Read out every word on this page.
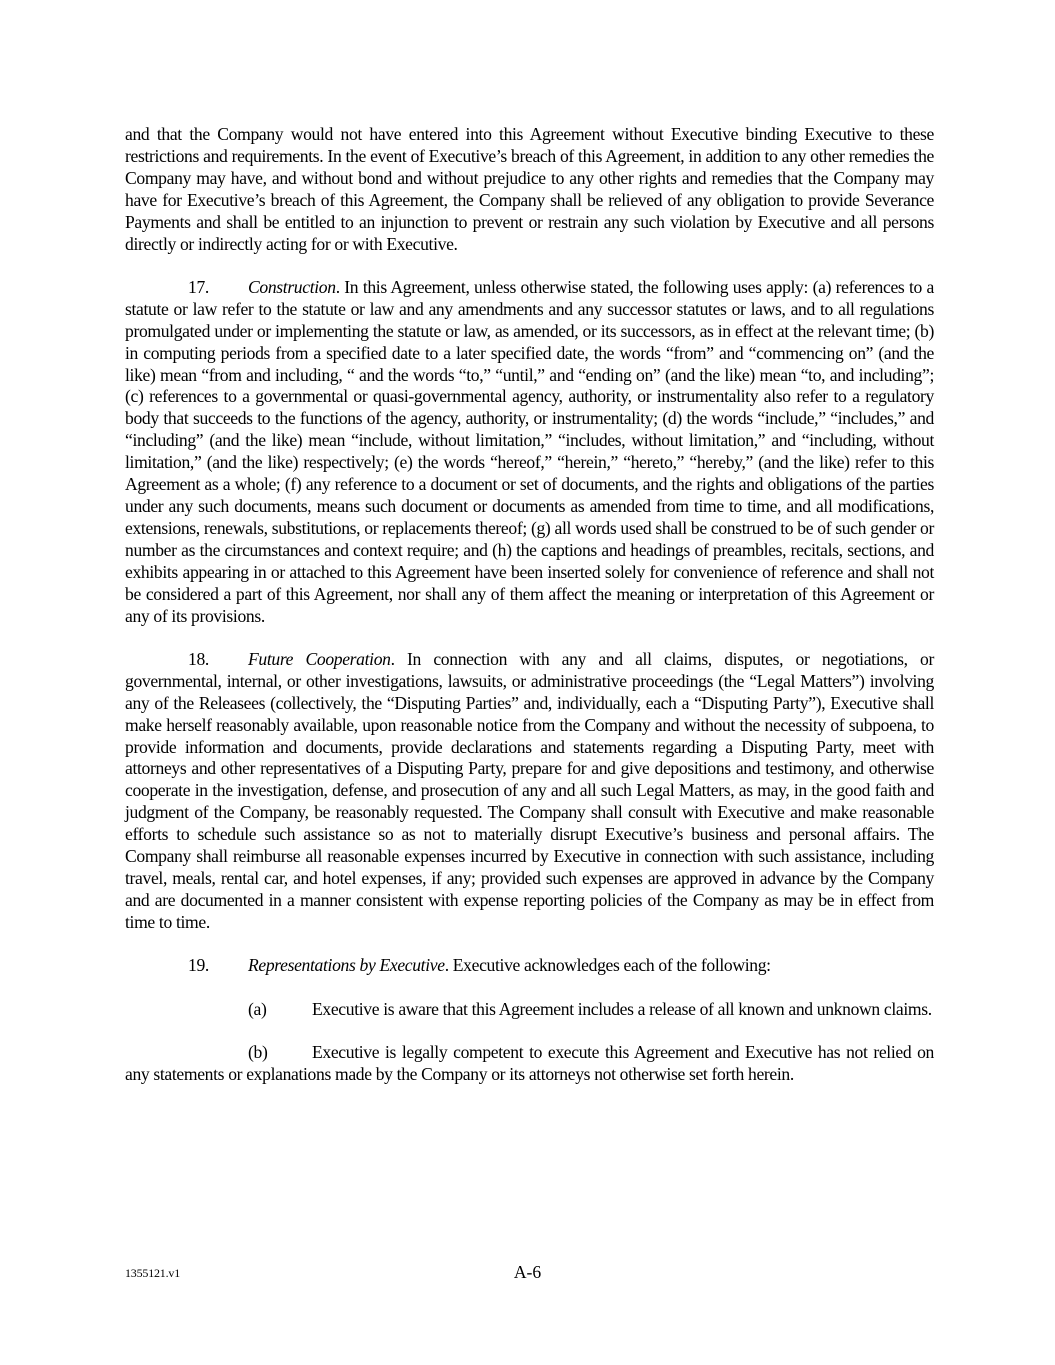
and that the Company would not have entered into this Agreement without Executive binding Executive to these restrictions and requirements. In the event of Executive’s breach of this Agreement, in addition to any other remedies the Company may have, and without bond and without prejudice to any other rights and remedies that the Company may have for Executive’s breach of this Agreement, the Company shall be relieved of any obligation to provide Severance Payments and shall be entitled to an injunction to prevent or restrain any such violation by Executive and all persons directly or indirectly acting for or with Executive.

17. Construction. In this Agreement, unless otherwise stated, the following uses apply: (a) references to a statute or law refer to the statute or law and any amendments and any successor statutes or laws, and to all regulations promulgated under or implementing the statute or law, as amended, or its successors, as in effect at the relevant time; (b) in computing periods from a specified date to a later specified date, the words “from” and “commencing on” (and the like) mean “from and including, “ and the words “to,” “until,” and “ending on” (and the like) mean “to, and including”; (c) references to a governmental or quasi-governmental agency, authority, or instrumentality also refer to a regulatory body that succeeds to the functions of the agency, authority, or instrumentality; (d) the words “include,” “includes,” and “including” (and the like) mean “include, without limitation,” “includes, without limitation,” and “including, without limitation,” (and the like) respectively; (e) the words “hereof,” “herein,” “hereto,” “hereby,” (and the like) refer to this Agreement as a whole; (f) any reference to a document or set of documents, and the rights and obligations of the parties under any such documents, means such document or documents as amended from time to time, and all modifications, extensions, renewals, substitutions, or replacements thereof; (g) all words used shall be construed to be of such gender or number as the circumstances and context require; and (h) the captions and headings of preambles, recitals, sections, and exhibits appearing in or attached to this Agreement have been inserted solely for convenience of reference and shall not be considered a part of this Agreement, nor shall any of them affect the meaning or interpretation of this Agreement or any of its provisions.

18. Future Cooperation. In connection with any and all claims, disputes, or negotiations, or governmental, internal, or other investigations, lawsuits, or administrative proceedings (the “Legal Matters”) involving any of the Releasees (collectively, the “Disputing Parties” and, individually, each a “Disputing Party”), Executive shall make herself reasonably available, upon reasonable notice from the Company and without the necessity of subpoena, to provide information and documents, provide declarations and statements regarding a Disputing Party, meet with attorneys and other representatives of a Disputing Party, prepare for and give depositions and testimony, and otherwise cooperate in the investigation, defense, and prosecution of any and all such Legal Matters, as may, in the good faith and judgment of the Company, be reasonably requested. The Company shall consult with Executive and make reasonable efforts to schedule such assistance so as not to materially disrupt Executive’s business and personal affairs. The Company shall reimburse all reasonable expenses incurred by Executive in connection with such assistance, including travel, meals, rental car, and hotel expenses, if any; provided such expenses are approved in advance by the Company and are documented in a manner consistent with expense reporting policies of the Company as may be in effect from time to time.

19. Representations by Executive. Executive acknowledges each of the following:

(a)	Executive is aware that this Agreement includes a release of all known and unknown claims.

(b)	Executive is legally competent to execute this Agreement and Executive has not relied on any statements or explanations made by the Company or its attorneys not otherwise set forth herein.

1355121.v1	A-6
